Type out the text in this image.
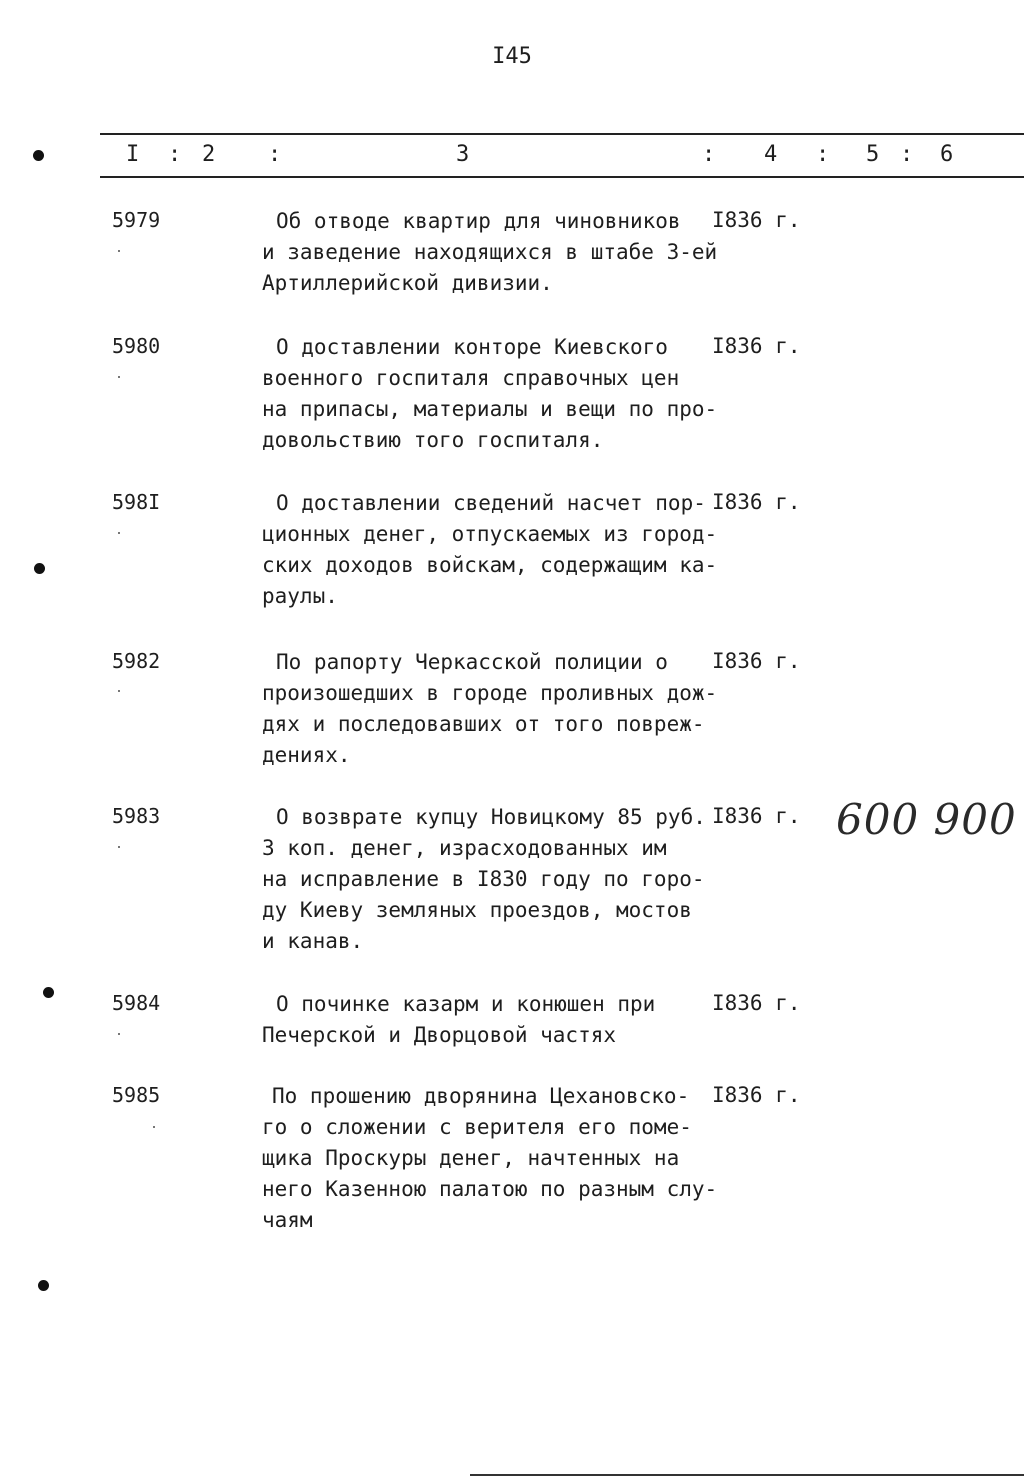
I45
I : 2 :	3	: 4 : 5 : 6
5979	Об отводе квартир для чиновников
и заведение находящихся в штабе 3-ей
Артиллерийской дивизии.
I836 г.
5980	О доставлении конторе Киевского
военного госпиталя справочных цен
на припасы, материалы и вещи по про-
довольствию того госпиталя.
I836 г.
598I	О доставлении сведений насчет пор-
ционных денег, отпускаемых из город-
ских доходов войскам, содержащим ка-
раулы.
I836 г.
5982	По рапорту Черкасской полиции о
произошедших в городе проливных дож-
дях и последовавших от того повреж-
дениях.
I836 г.
5983	О возврате купцу Новицкому 85 руб.
3 коп. денег, израсходованных им
на исправление в I830 году по горо-
ду Киеву земляных проездов, мостов
и канав.
I836 г.
5984	О починке казарм и конюшен при
Печерской и Дворцовой частях
I836 г.
5985	По прошению дворянина Цехановско-
го о сложении с верителя его поме-
щика Проскуры денег, начтенных на
него Казенною палатою по разным слу-
чаям
I836 г.
600 900
